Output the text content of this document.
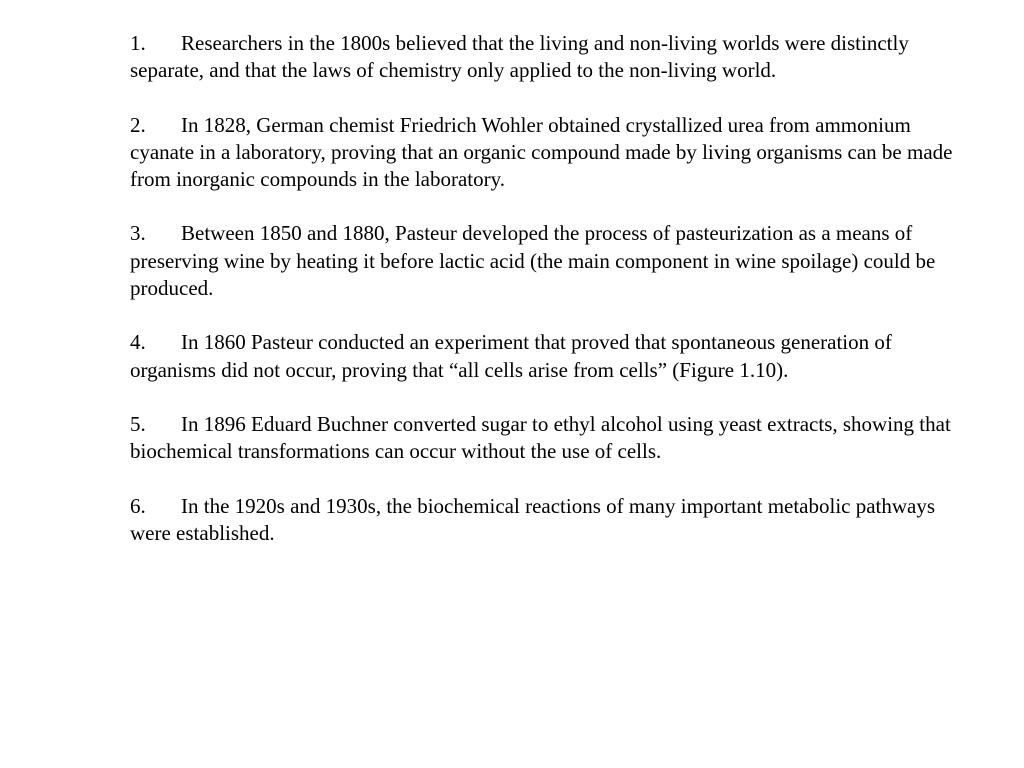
1. Researchers in the 1800s believed that the living and non-living worlds were distinctly separate, and that the laws of chemistry only applied to the non-living world.
2. In 1828, German chemist Friedrich Wohler obtained crystallized urea from ammonium cyanate in a laboratory, proving that an organic compound made by living organisms can be made from inorganic compounds in the laboratory.
3. Between 1850 and 1880, Pasteur developed the process of pasteurization as a means of preserving wine by heating it before lactic acid (the main component in wine spoilage) could be produced.
4. In 1860 Pasteur conducted an experiment that proved that spontaneous generation of organisms did not occur, proving that “all cells arise from cells” (Figure 1.10).
5. In 1896 Eduard Buchner converted sugar to ethyl alcohol using yeast extracts, showing that biochemical transformations can occur without the use of cells.
6. In the 1920s and 1930s, the biochemical reactions of many important metabolic pathways were established.
